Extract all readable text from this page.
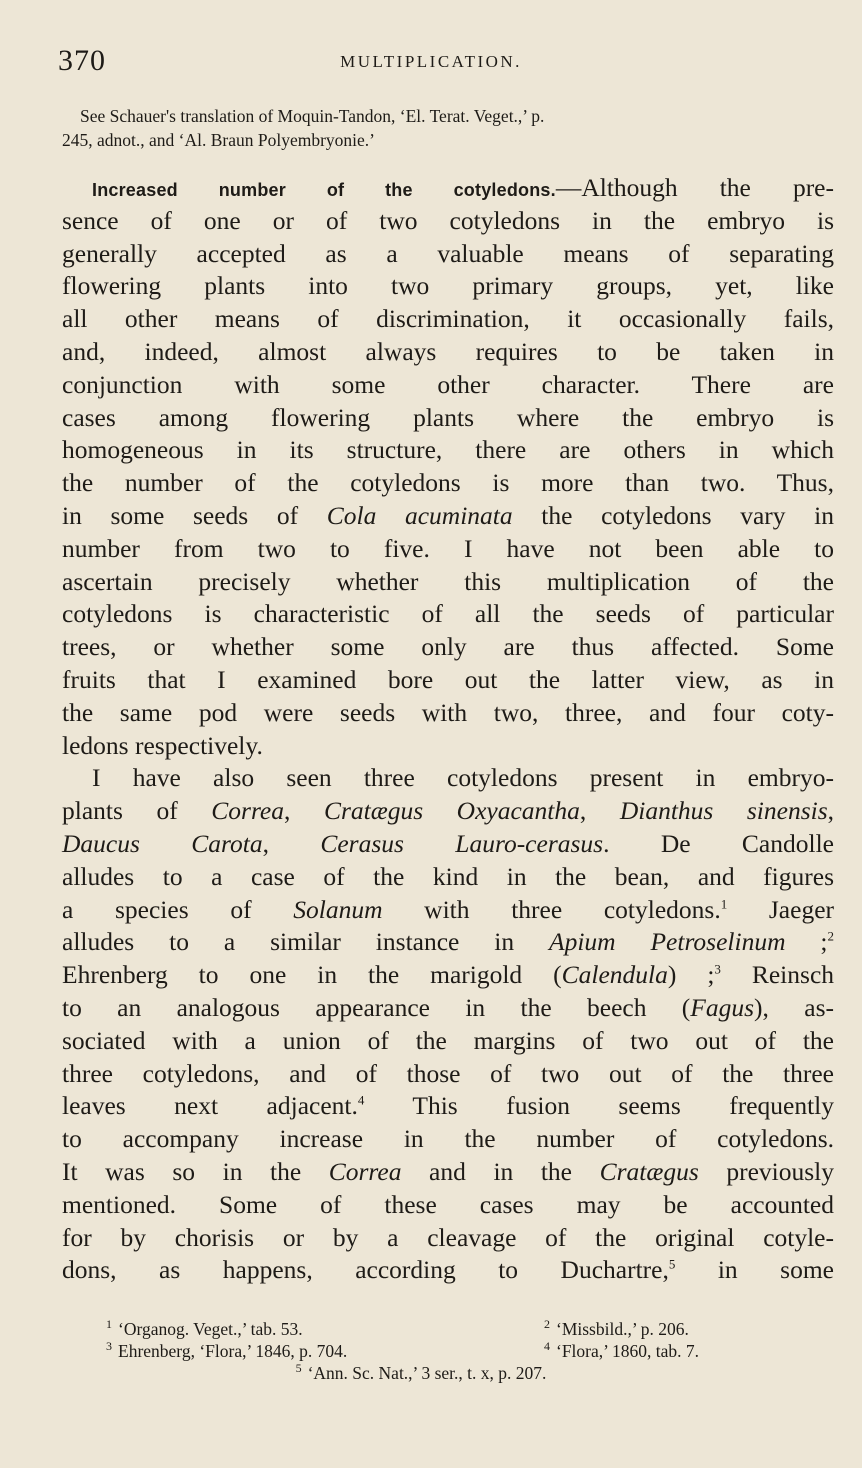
370	MULTIPLICATION.
See Schauer's translation of Moquin-Tandon, ‘El. Terat. Veget.,’ p.
245, adnot., and ‘Al. Braun Polyembryonie.’
Increased number of the cotyledons.—Although the pre-
sence of one or of two cotyledons in the embryo is
generally accepted as a valuable means of separating
flowering plants into two primary groups, yet, like
all other means of discrimination, it occasionally fails,
and, indeed, almost always requires to be taken in
conjunction with some other character. There are
cases among flowering plants where the embryo is
homogeneous in its structure, there are others in which
the number of the cotyledons is more than two. Thus,
in some seeds of Cola acuminata the cotyledons vary in
number from two to five. I have not been able to
ascertain precisely whether this multiplication of the
cotyledons is characteristic of all the seeds of particular
trees, or whether some only are thus affected. Some
fruits that I examined bore out the latter view, as in
the same pod were seeds with two, three, and four coty-
ledons respectively.
I have also seen three cotyledons present in embryo-
plants of Correa, Cratægus Oxyacantha, Dianthus sinensis,
Daucus Carota, Cerasus Lauro-cerasus. De Candolle
alludes to a case of the kind in the bean, and figures
a species of Solanum with three cotyledons.$^1$ Jaeger
alludes to a similar instance in Apium Petroselinum ;$^2$
Ehrenberg to one in the marigold (Calendula) ;$^3$ Reinsch
to an analogous appearance in the beech (Fagus), as-
sociated with a union of the margins of two out of the
three cotyledons, and of those of two out of the three
leaves next adjacent.$^4$ This fusion seems frequently
to accompany increase in the number of cotyledons.
It was so in the Correa and in the Cratægus previously
mentioned. Some of these cases may be accounted
for by chorisis or by a cleavage of the original cotyle-
dons, as happens, according to Duchartre,$^5$ in some
$^1$ ‘Organog. Veget.,’ tab. 53.	$^2$ ‘Missbild.,’ p. 206.
$^3$ Ehrenberg, ‘Flora,’ 1846, p. 704.	$^4$ ‘Flora,’ 1860, tab. 7.
$^5$ ‘Ann. Sc. Nat.,’ 3 ser., t. x, p. 207.
